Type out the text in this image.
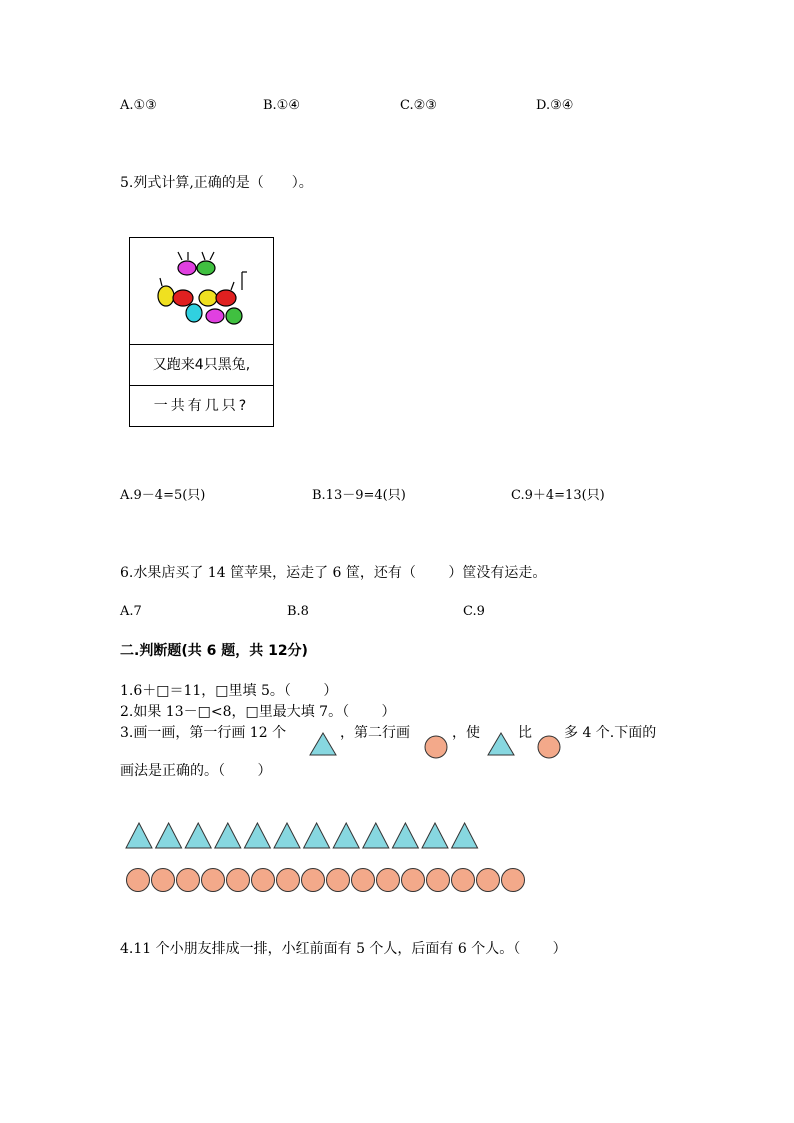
A.①③	B.①④	C.②③	D.③④
5.列式计算,正确的是（　　）。
又跑来4只黑兔,
一共有几只?
A.9－4=5(只)	B.13－9=4(只)	C.9＋4=13(只)
6.水果店买了 14 筐苹果，运走了 6 筐，还有（　　 ）筐没有运走。
A.7	B.8	C.9
二.判断题(共 6 题，共 12分)
1.6＋□＝11，□里填 5。（　　 ）
2.如果 13－□<8，□里最大填 7。（　　 ）
3.画一画，第一行画 12 个	，第二行画	，使	比 多 4 个.下面的
画法是正确的。（　　 ）
4.11 个小朋友排成一排，小红前面有 5 个人，后面有 6 个人。（　　 ）
